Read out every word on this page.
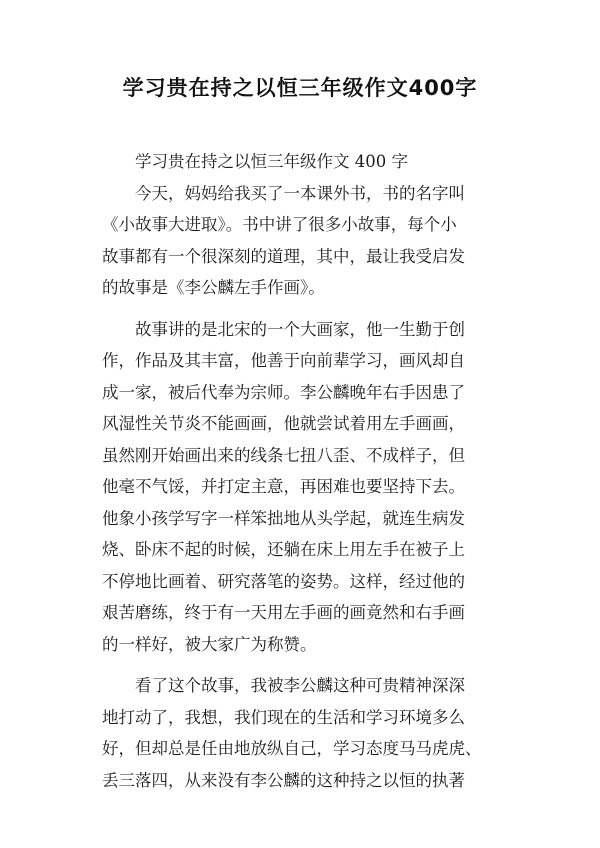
学习贵在持之以恒三年级作文400字
学习贵在持之以恒三年级作文 400 字
今天，妈妈给我买了一本课外书，书的名字叫
《小故事大进取》。书中讲了很多小故事，每个小
故事都有一个很深刻的道理，其中，最让我受启发
的故事是《李公麟左手作画》。
故事讲的是北宋的一个大画家，他一生勤于创
作，作品及其丰富，他善于向前辈学习，画风却自
成一家，被后代奉为宗师。李公麟晚年右手因患了
风湿性关节炎不能画画，他就尝试着用左手画画，
虽然刚开始画出来的线条七扭八歪、不成样子，但
他毫不气馁，并打定主意，再困难也要坚持下去。
他象小孩学写字一样笨拙地从头学起，就连生病发
烧、卧床不起的时候，还躺在床上用左手在被子上
不停地比画着、研究落笔的姿势。这样，经过他的
艰苦磨练，终于有一天用左手画的画竟然和右手画
的一样好，被大家广为称赞。
看了这个故事，我被李公麟这种可贵精神深深
地打动了，我想，我们现在的生活和学习环境多么
好，但却总是任由地放纵自己，学习态度马马虎虎、
丢三落四，从来没有李公麟的这种持之以恒的执著
